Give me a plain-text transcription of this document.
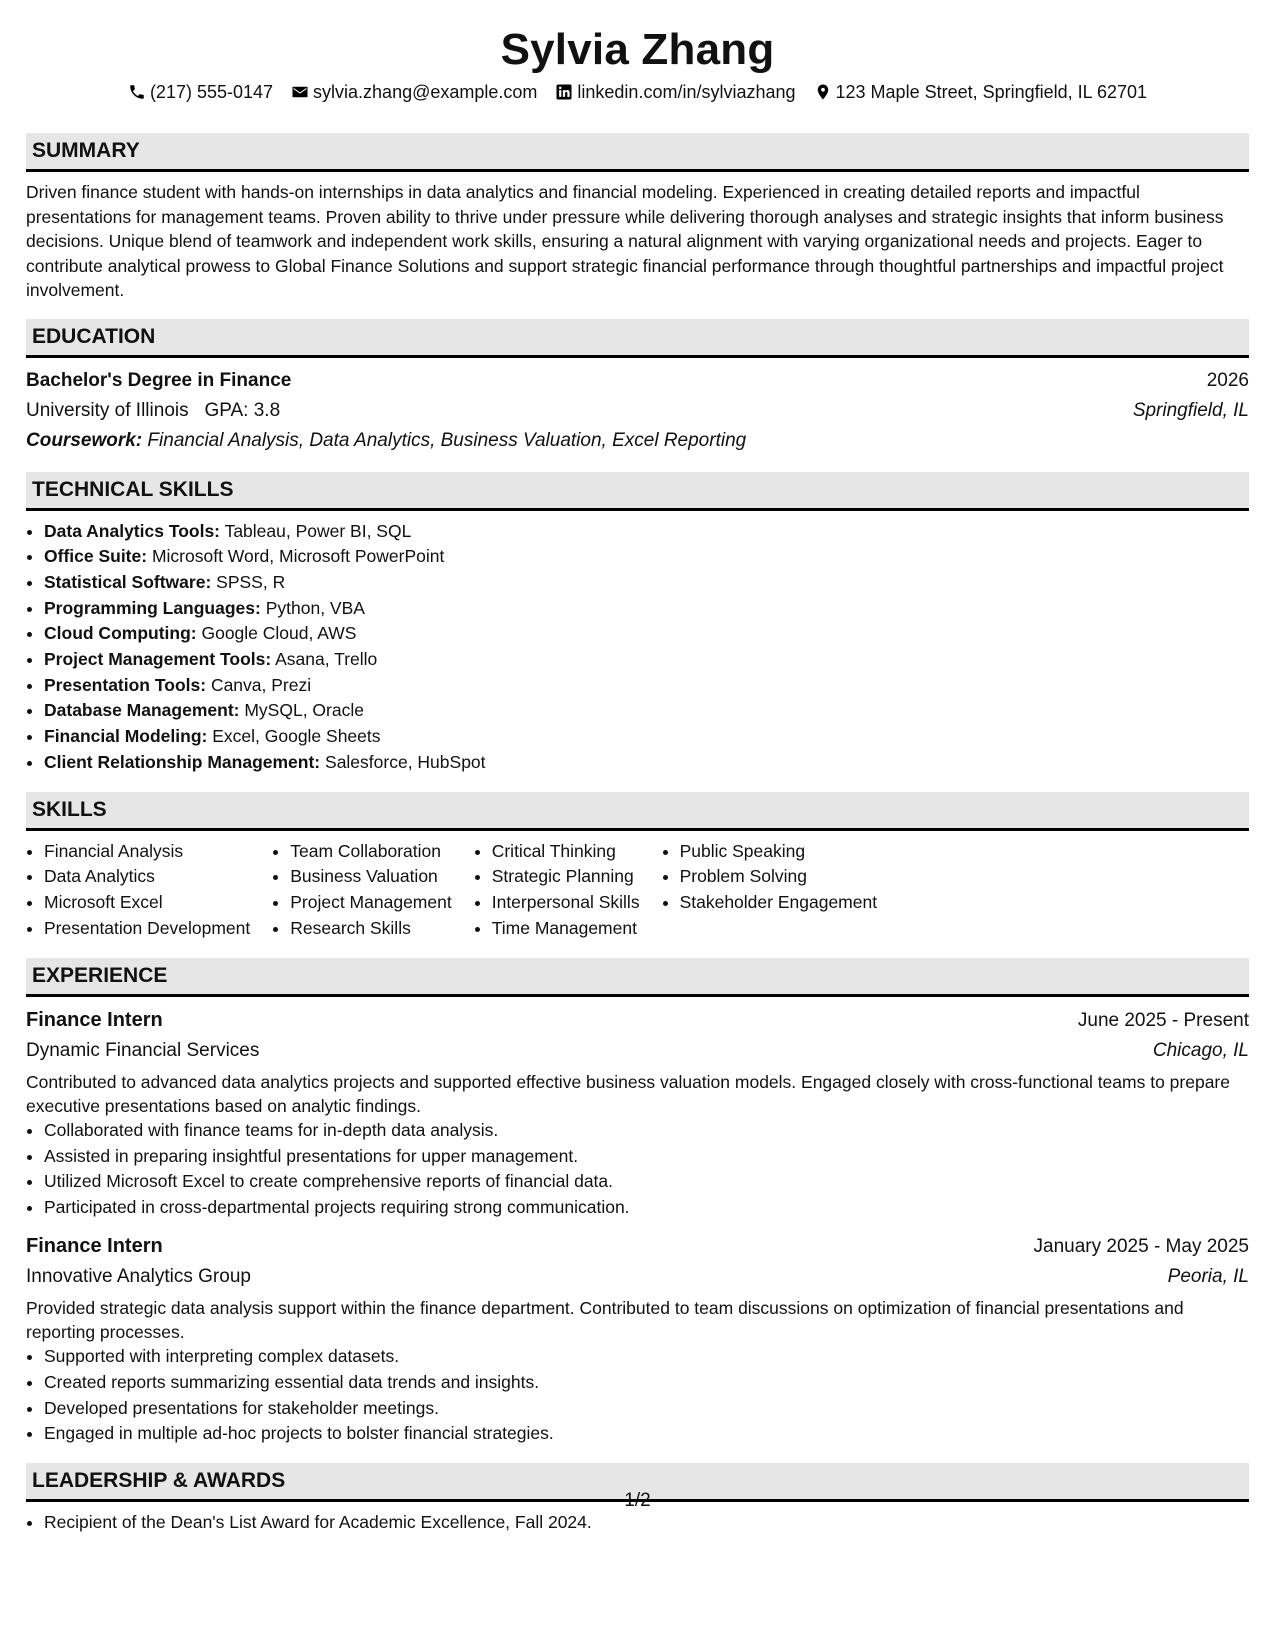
Sylvia Zhang
(217) 555-0147 sylvia.zhang@example.com linkedin.com/in/sylviazhang 123 Maple Street, Springfield, IL 62701
SUMMARY

Driven finance student with hands-on internships in data analytics and financial modeling. Experienced in creating detailed reports and impactful presentations for management teams. Proven ability to thrive under pressure while delivering thorough analyses and strategic insights that inform business decisions. Unique blend of teamwork and independent work skills, ensuring a natural alignment with varying organizational needs and projects. Eager to contribute analytical prowess to Global Finance Solutions and support strategic financial performance through thoughtful partnerships and impactful project involvement.

EDUCATION
Bachelor's Degree in Finance	2026
University of Illinois GPA: 3.8	Springfield, IL
Coursework: Financial Analysis, Data Analytics, Business Valuation, Excel Reporting
TECHNICAL SKILLS
• Data Analytics Tools: Tableau, Power BI, SQL
• Office Suite: Microsoft Word, Microsoft PowerPoint
• Statistical Software: SPSS, R
• Programming Languages: Python, VBA
• Cloud Computing: Google Cloud, AWS
• Project Management Tools: Asana, Trello
• Presentation Tools: Canva, Prezi
• Database Management: MySQL, Oracle
• Financial Modeling: Excel, Google Sheets
• Client Relationship Management: Salesforce, HubSpot
SKILLS
• Financial Analysis
• Data Analytics
• Microsoft Excel
• Presentation Development
• Team Collaboration
• Business Valuation
• Project Management
• Research Skills
• Critical Thinking
• Strategic Planning
• Interpersonal Skills
• Time Management
• Public Speaking
• Problem Solving
• Stakeholder Engagement
EXPERIENCE
Finance Intern	June 2025 - Present
Dynamic Financial Services	Chicago, IL

Contributed to advanced data analytics projects and supported effective business valuation models. Engaged closely with cross-functional teams to prepare executive presentations based on analytic findings.

• Collaborated with finance teams for in-depth data analysis.
• Assisted in preparing insightful presentations for upper management.
• Utilized Microsoft Excel to create comprehensive reports of financial data.
• Participated in cross-departmental projects requiring strong communication.
Finance Intern	January 2025 - May 2025
Innovative Analytics Group	Peoria, IL

Provided strategic data analysis support within the finance department. Contributed to team discussions on optimization of financial presentations and reporting processes.

• Supported with interpreting complex datasets.
• Created reports summarizing essential data trends and insights.
• Developed presentations for stakeholder meetings.
• Engaged in multiple ad-hoc projects to bolster financial strategies.
LEADERSHIP & AWARDS
• Recipient of the Dean's List Award for Academic Excellence, Fall 2024.
1/2
